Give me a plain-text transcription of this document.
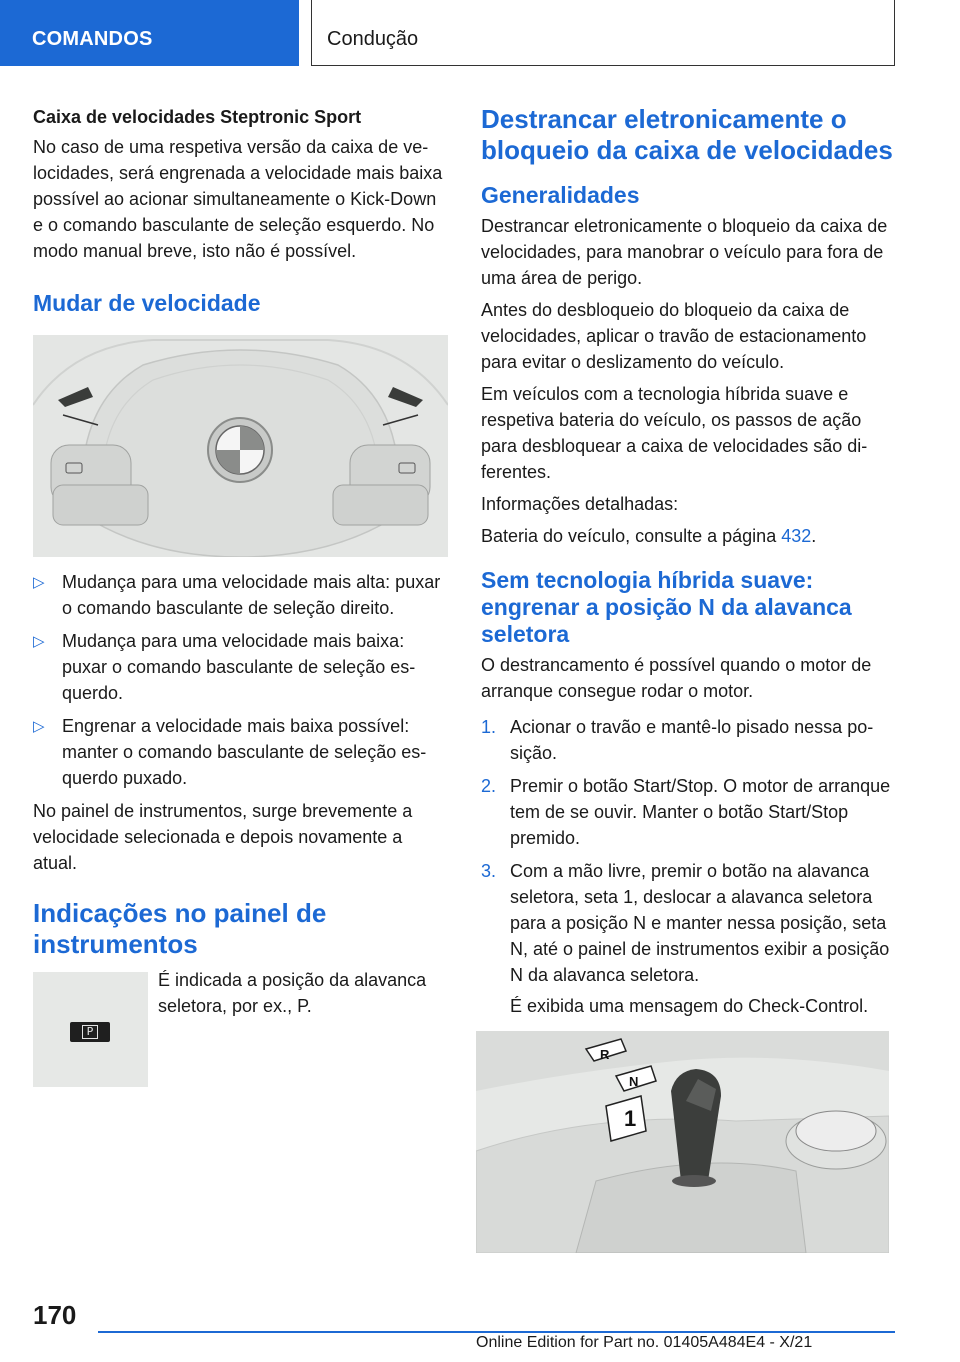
COMANDOS	Condução
Caixa de velocidades Steptronic Sport

No caso de uma respetiva versão da caixa de velocidades, será engrenada a velocidade mais baixa possível ao acionar simultaneamente o Kick-Down e o comando basculante de seleção esquerdo. No modo manual breve, isto não é possível.

Mudar de velocidade
▷ Mudança para uma velocidade mais alta: puxar o comando basculante de seleção direito.
▷ Mudança para uma velocidade mais baixa: puxar o comando basculante de seleção esquerdo.
▷ Engrenar a velocidade mais baixa possível: manter o comando basculante de seleção esquerdo puxado.

No painel de instrumentos, surge brevemente a velocidade selecionada e depois novamente a atual.

Indicações no painel de instrumentos
P

É indicada a posição da alavanca seletora, por ex., P.

Destrancar eletronicamente o bloqueio da caixa de velocidades
Generalidades

Destrancar eletronicamente o bloqueio da caixa de velocidades, para manobrar o veículo para fora de uma área de perigo.

Antes do desbloqueio do bloqueio da caixa de velocidades, aplicar o travão de estacionamento para evitar o deslizamento do veículo.

Em veículos com a tecnologia híbrida suave e respetiva bateria do veículo, os passos de ação para desbloquear a caixa de velocidades são diferentes.

Informações detalhadas:

Bateria do veículo, consulte a página 432.

Sem tecnologia híbrida suave: engrenar a posição N da alavanca seletora

O destrancamento é possível quando o motor de arranque consegue rodar o motor.

1. Acionar o travão e mantê-lo pisado nessa posição.
2. Premir o botão Start/Stop. O motor de arranque tem de se ouvir. Manter o botão Start/Stop premido.
3. Com a mão livre, premir o botão na alavanca seletora, seta 1, deslocar a alavanca seletora para a posição N e manter nessa posição, seta N, até o painel de instrumentos exibir a posição N da alavanca seletora.

É exibida uma mensagem do Check-Control.

R
N
1
170
Online Edition for Part no. 01405A484E4 - X/21
